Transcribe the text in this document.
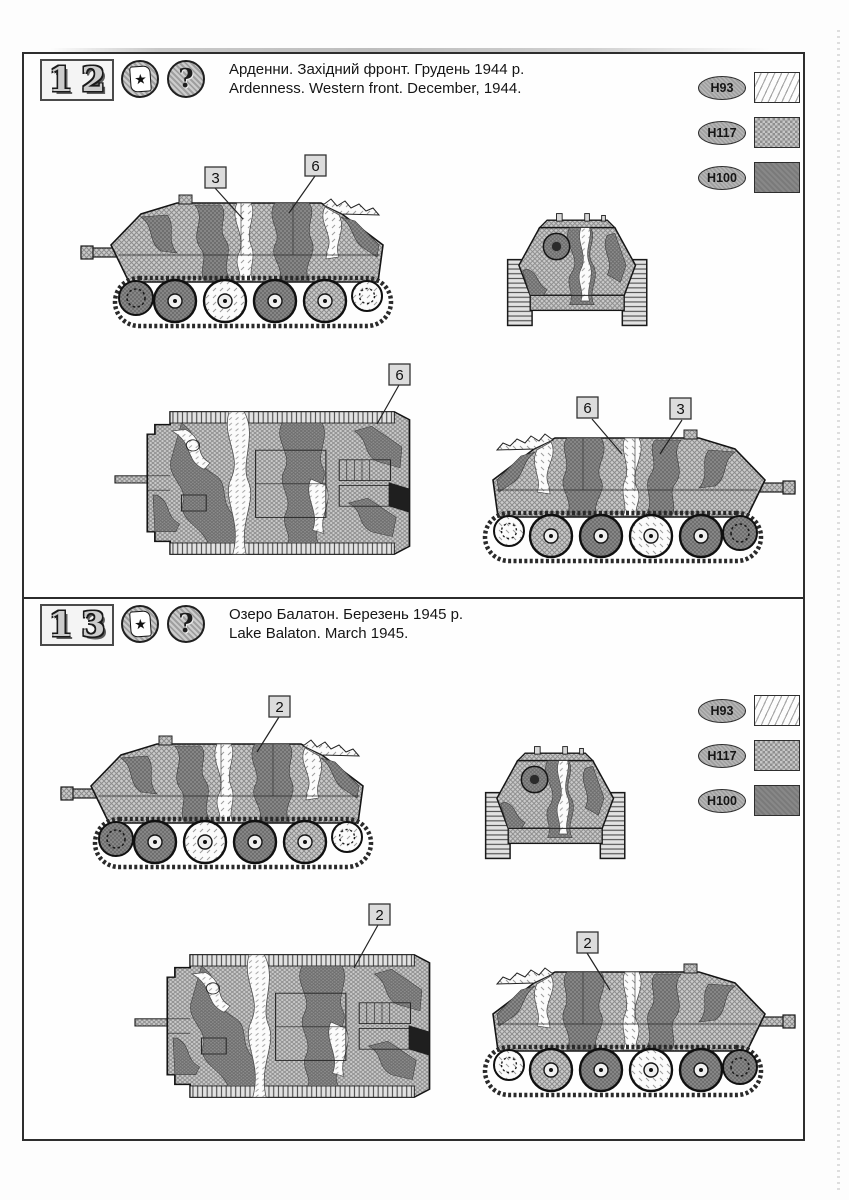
12 ★ ? Арденни. Західний фронт. Грудень 1944 р.
Ardenness. Western front. December, 1944.	H93
H117
H100
3
6
6
6	3
13 ★ ? Озеро Балатон. Березень 1945 р.
Lake Balaton. March 1945.
H93
H117
H100
2
2
2
